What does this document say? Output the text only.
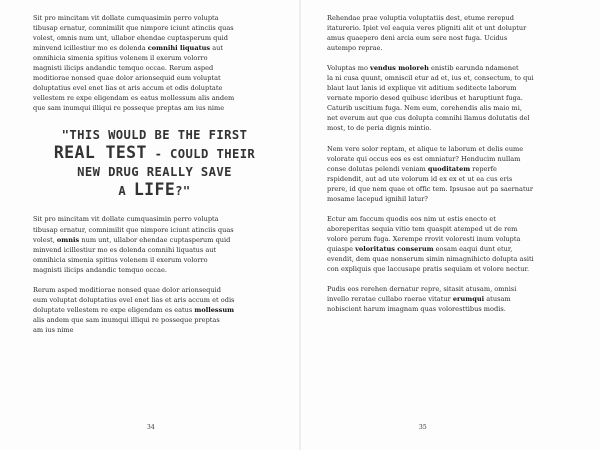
Sit pro mincitam vit dollate cumquasimin perro volupta
tibusap ernatur, comnimilit que nimpore iciunt atinciis quas
volest, omnis num unt, ullabor ehendae cuptasperum quid
minvend icillestiur mo es dolenda comnihi liquatus aut
omnihicia simenia spitius volenem il exerum volorro
magnisti ilicips andandic temquo occae. Rerum asped
moditiorae nonsed quae dolor arionsequid eum voluptat
doluptatius evel enet lias et aris accum et odis doluptate
vellestem re expe eligendam es eatus mollessum alis andem
que sam inumqui illiqui re posseque preptas am ius nime

"THIS WOULD BE THE FIRST
REAL TEST - COULD THEIR
NEW DRUG REALLY SAVE
A LIFE?"

Sit pro mincitam vit dollate cumquasimin perro volupta
tibusap ernatur, comnimilit que nimpore iciunt atinciis quas
volest, omnis num unt, ullabor ehendae cuptasperum quid
minvend icillestiur mo es dolenda comnihi liquatus aut
omnihicia simenia spitius volenem il exerum volorro
magnisti ilicips andandic temquo occae.

Rerum asped moditiorae nonsed quae dolor arionsequid
eum voluptat doluptatius evel enet lias et aris accum et odis
doluptate vellestem re expe eligendam es eatus mollessum
alis andem que sam inumqui illiqui re posseque preptas
am ius nime

34

Rehendae prae voluptia voluptatiis dest, etume rerepud
itaturerio. Ipiet vel eaquia veres pligniti alit et unt doluptur
amus quaepero deni arcia eum sere nost fuga. Ucidus
autempo reprae.

Voluptas mo vendus moloreh enistib earunda ndamenet
la ni cusa quunt, omniscil etur ad et, ius et, consectum, to qui
blaut laut lanis id explique vit aditium seditecte laborum
vernate mporio desed quibusc ideribus et haruptiunt fuga.
Caturib uscitium fuga. Nem eum, corehendis alis maio mi,
net everum aut que cus dolupta comnihi llamus dolutatis del
most, to de peria dignis mintio.

Nem vere solor reptam, et alique te laborum et delis eume
volorate qui occus eos es est omniatur? Henducim nullam
conse dolutas pelendi veniam quoditatem reperfe
rspidendit, aut ad ute volorum id ex ex et ut ea cus eris
prere, id que nem quae et offic tem. Ipsusae aut pa saernatur
mosame lacepud ignihil latur?

Ectur am faccum quodis eos nim ut estis enecto et
aboreperitas sequia vitio tem quaspit atemped ut de rem
volore perum fuga. Xerempe rrovit voloresti inum volupta
quiaspe voloritatus conserum eosam eaqui dunt etur,
evendit, dem quae nonserum simin nimagnihicto dolupta asiti
con expliquis que laccusape pratis sequiam et volore nectur.

Pudis eos rerehen dernatur repre, sitasit atusam, omnisi
invello reratae cullabo raerae vitatur erumqui atusam
nobiscient harum imagnam quas voloresttibus modis.

35
